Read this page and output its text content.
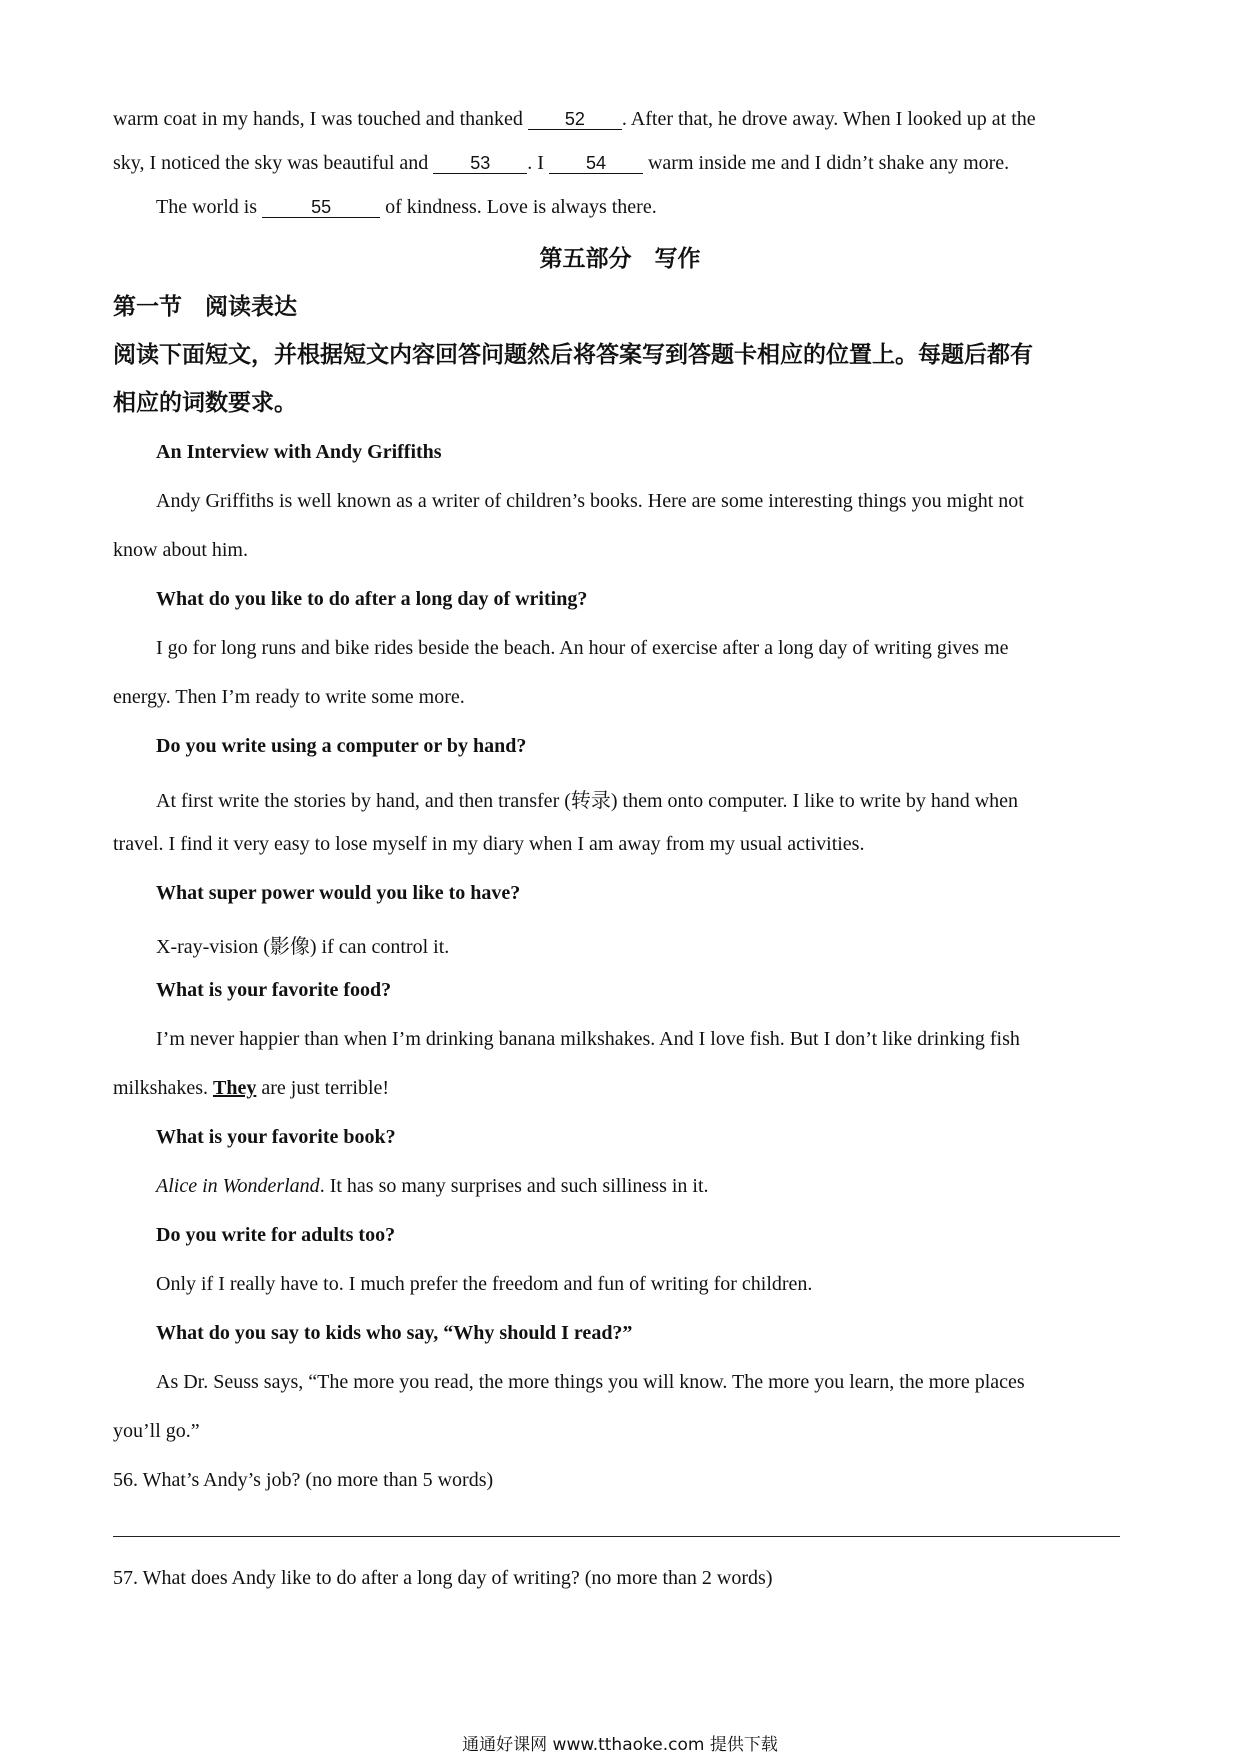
warm coat in my hands, I was touched and thanked 52 . After that, he drove away. When I looked up at the
sky, I noticed the sky was beautiful and 53 . I 54 warm inside me and I didn’t shake any more.
The world is	55 of kindness. Love is always there.
第五部分　写作
第一节　阅读表达
阅读下面短文，并根据短文内容回答问题然后将答案写到答题卡相应的位置上。每题后都有
相应的词数要求。
An Interview with Andy Griffiths
Andy Griffiths is well known as a writer of children’s books. Here are some interesting things you might not
know about him.
What do you like to do after a long day of writing?
I go for long runs and bike rides beside the beach. An hour of exercise after a long day of writing gives me
energy. Then I’m ready to write some more.
Do you write using a computer or by hand?
At first write the stories by hand, and then transfer (转录) them onto computer. I like to write by hand when
travel. I find it very easy to lose myself in my diary when I am away from my usual activities.
What super power would you like to have?
X-ray-vision (影像) if can control it.
What is your favorite food?
I’m never happier than when I’m drinking banana milkshakes. And I love fish. But I don’t like drinking fish
milkshakes. They are just terrible!
What is your favorite book?
Alice in Wonderland. It has so many surprises and such silliness in it.
Do you write for adults too?
Only if I really have to. I much prefer the freedom and fun of writing for children.
What do you say to kids who say, “Why should I read?”
As Dr. Seuss says, “The more you read, the more things you will know. The more you learn, the more places
you’ll go.”
56. What’s Andy’s job? (no more than 5 words)
57. What does Andy like to do after a long day of writing? (no more than 2 words)
通通好课网 www.tthaoke.com 提供下载
